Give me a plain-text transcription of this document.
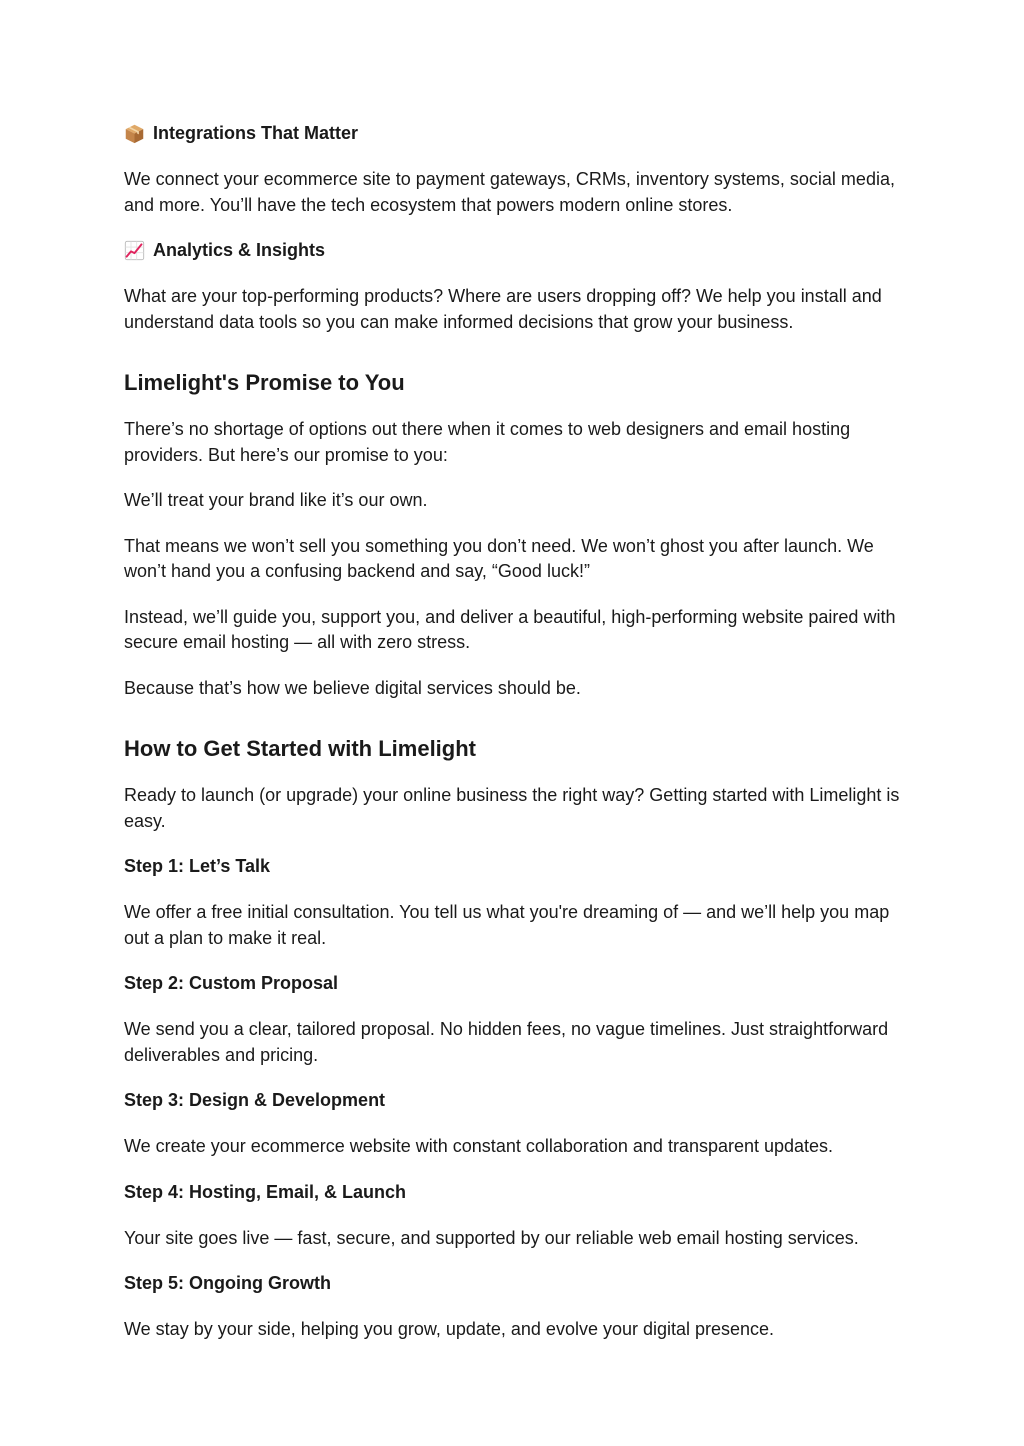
Integrations That Matter

We connect your ecommerce site to payment gateways, CRMs, inventory systems, social media, and more. You’ll have the tech ecosystem that powers modern online stores.

Analytics & Insights

What are your top-performing products? Where are users dropping off? We help you install and understand data tools so you can make informed decisions that grow your business.

Limelight's Promise to You

There’s no shortage of options out there when it comes to web designers and email hosting providers. But here’s our promise to you:

We’ll treat your brand like it’s our own.

That means we won’t sell you something you don’t need. We won’t ghost you after launch. We won’t hand you a confusing backend and say, “Good luck!”

Instead, we’ll guide you, support you, and deliver a beautiful, high-performing website paired with secure email hosting — all with zero stress.

Because that’s how we believe digital services should be.

How to Get Started with Limelight

Ready to launch (or upgrade) your online business the right way? Getting started with Limelight is easy.

Step 1: Let’s Talk

We offer a free initial consultation. You tell us what you're dreaming of — and we’ll help you map out a plan to make it real.

Step 2: Custom Proposal

We send you a clear, tailored proposal. No hidden fees, no vague timelines. Just straightforward deliverables and pricing.

Step 3: Design & Development

We create your ecommerce website with constant collaboration and transparent updates.

Step 4: Hosting, Email, & Launch

Your site goes live — fast, secure, and supported by our reliable web email hosting services.

Step 5: Ongoing Growth

We stay by your side, helping you grow, update, and evolve your digital presence.
